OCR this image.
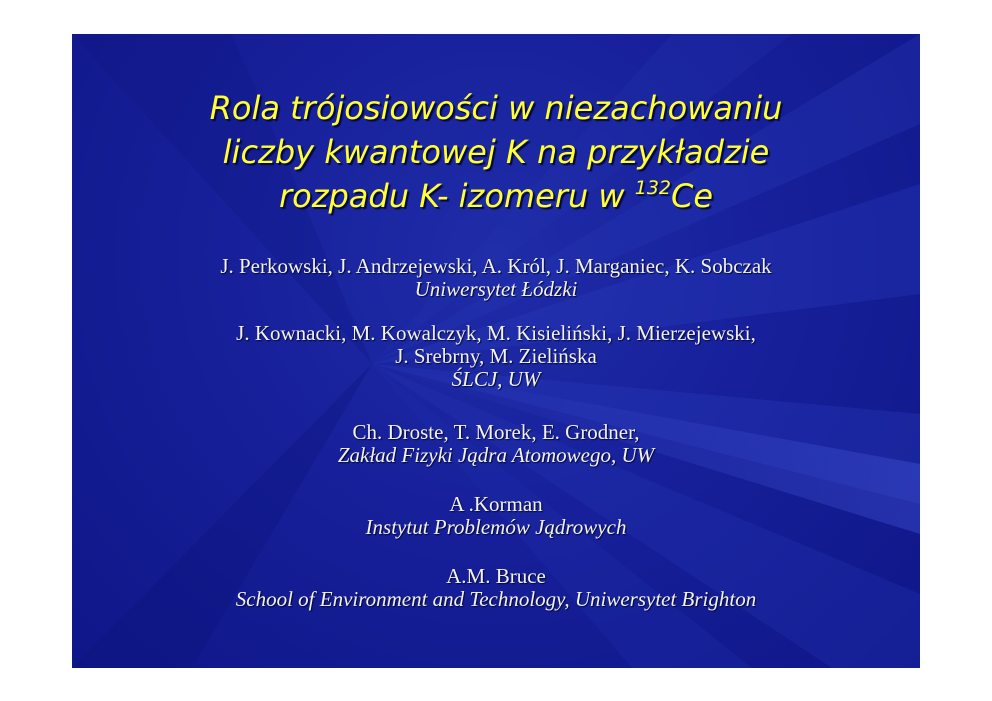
Rola trójosiowości w niezachowaniu
liczby kwantowej K na przykładzie
rozpadu K- izomeru w $^{132}$Ce
J. Perkowski, J. Andrzejewski, A. Król, J. Marganiec, K. Sobczak
Uniwersytet Łódzki
J. Kownacki, M. Kowalczyk, M. Kisieliński, J. Mierzejewski,
J. Srebrny, M. Zielińska
ŚLCJ, UW
Ch. Droste, T. Morek, E. Grodner,
Zakład Fizyki Jądra Atomowego, UW
A .Korman
Instytut Problemów Jądrowych
A.M. Bruce
School of Environment and Technology, Uniwersytet Brighton
